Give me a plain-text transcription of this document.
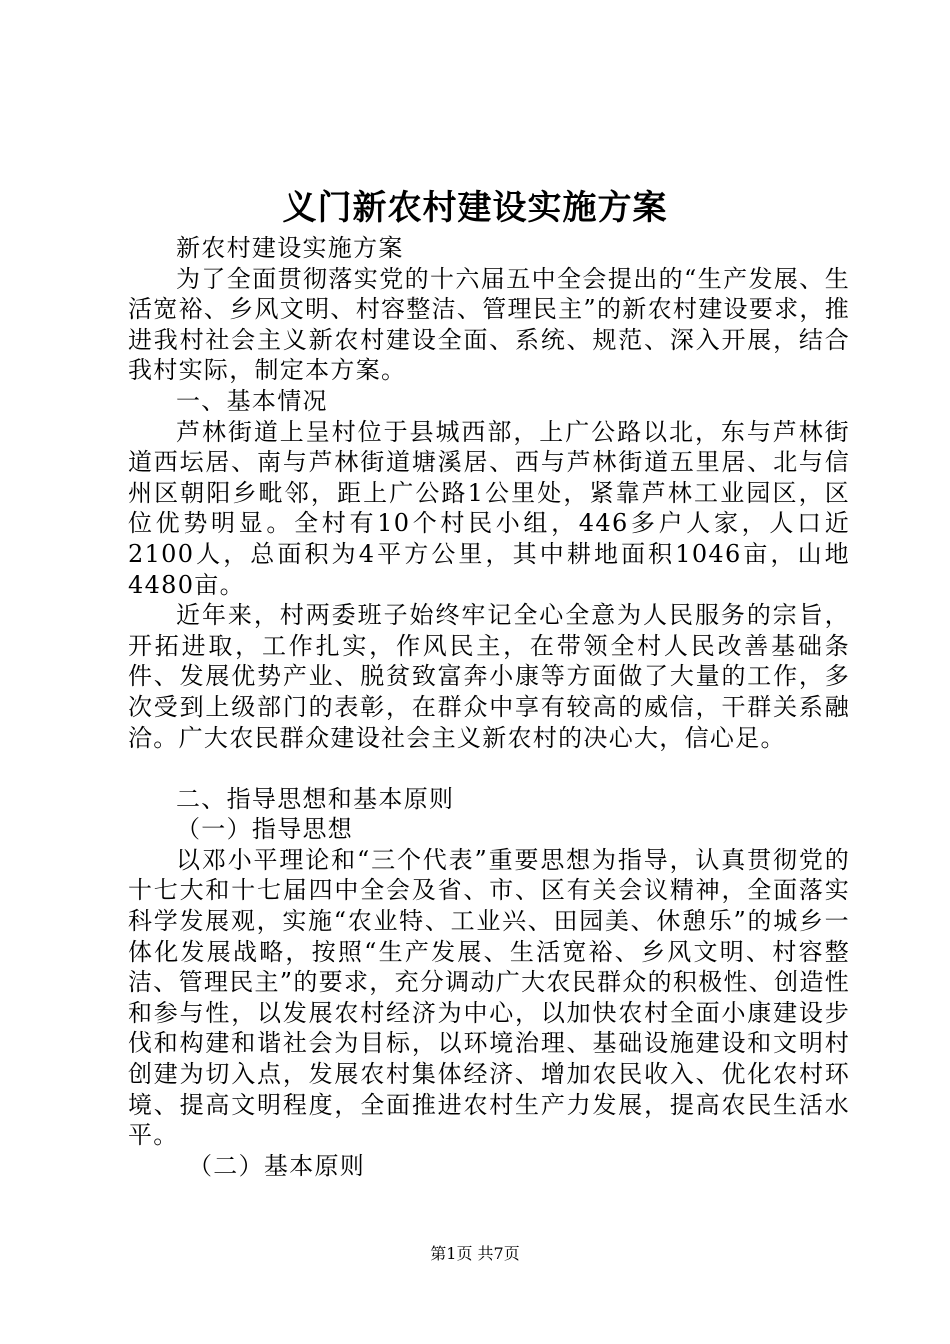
义门新农村建设实施方案

新农村建设实施方案

为了全面贯彻落实党的十六届五中全会提出的“生产发展、生活宽裕、乡风文明、村容整洁、管理民主”的新农村建设要求，推进我村社会主义新农村建设全面、系统、规范、深入开展，结合我村实际，制定本方案。

一、基本情况

芦林街道上呈村位于县城西部，上广公路以北，东与芦林街道西坛居、南与芦林街道塘溪居、西与芦林街道五里居、北与信州区朝阳乡毗邻，距上广公路1公里处，紧靠芦林工业园区，区位优势明显。全村有10个村民小组，446多户人家，人口近2100人，总面积为4平方公里，其中耕地面积1046亩，山地4480亩。

近年来，村两委班子始终牢记全心全意为人民服务的宗旨，开拓进取，工作扎实，作风民主，在带领全村人民改善基础条件、发展优势产业、脱贫致富奔小康等方面做了大量的工作，多次受到上级部门的表彰，在群众中享有较高的威信，干群关系融洽。广大农民群众建设社会主义新农村的决心大，信心足。

二、指导思想和基本原则

（一）指导思想

以邓小平理论和“三个代表”重要思想为指导，认真贯彻党的十七大和十七届四中全会及省、市、区有关会议精神，全面落实科学发展观，实施“农业特、工业兴、田园美、休憩乐”的城乡一体化发展战略，按照“生产发展、生活宽裕、乡风文明、村容整洁、管理民主”的要求，充分调动广大农民群众的积极性、创造性和参与性，以发展农村经济为中心，以加快农村全面小康建设步伐和构建和谐社会为目标，以环境治理、基础设施建设和文明村创建为切入点，发展农村集体经济、增加农民收入、优化农村环境、提高文明程度，全面推进农村生产力发展，提高农民生活水平。

（二）基本原则

第1页 共7页
